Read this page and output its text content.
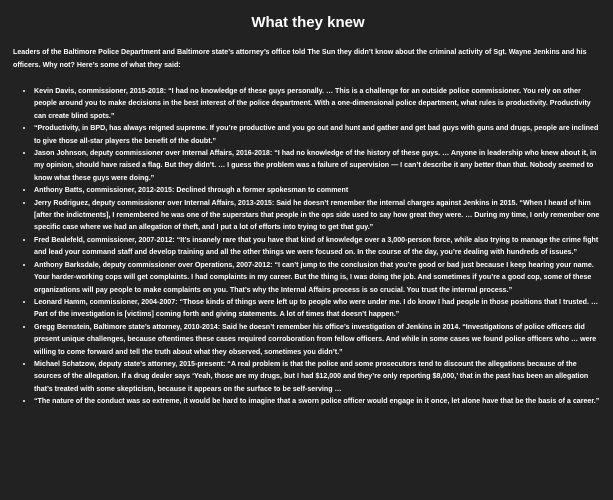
What they knew

Leaders of the Baltimore Police Department and Baltimore state’s attorney’s office told The Sun they didn’t know about the criminal activity of Sgt. Wayne Jenkins and his officers. Why not? Here’s some of what they said:

• Kevin Davis, commissioner, 2015-2018: “I had no knowledge of these guys personally. … This is a challenge for an outside police commissioner. You rely on other people around you to make decisions in the best interest of the police department. With a one-dimensional police department, what rules is productivity. Productivity can create blind spots.”
• “Productivity, in BPD, has always reigned supreme. If you’re productive and you go out and hunt and gather and get bad guys with guns and drugs, people are inclined to give those all-star players the benefit of the doubt.”
• Jason Johnson, deputy commissioner over Internal Affairs, 2016-2018: “I had no knowledge of the history of these guys. … Anyone in leadership who knew about it, in my opinion, should have raised a flag. But they didn’t. … I guess the problem was a failure of supervision — I can’t describe it any better than that. Nobody seemed to know what these guys were doing.”
• Anthony Batts, commissioner, 2012-2015: Declined through a former spokesman to comment
• Jerry Rodriguez, deputy commissioner over Internal Affairs, 2013-2015: Said he doesn’t remember the internal charges against Jenkins in 2015. “When I heard of him [after the indictments], I remembered he was one of the superstars that people in the ops side used to say how great they were. … During my time, I only remember one specific case where we had an allegation of theft, and I put a lot of efforts into trying to get that guy.”
• Fred Bealefeld, commissioner, 2007-2012: “It’s insanely rare that you have that kind of knowledge over a 3,000-person force, while also trying to manage the crime fight and lead your command staff and develop training and all the other things we were focused on. In the course of the day, you’re dealing with hundreds of issues.”
• Anthony Barksdale, deputy commissioner over Operations, 2007-2012: “I can’t jump to the conclusion that you’re good or bad just because I keep hearing your name. Your harder-working cops will get complaints. I had complaints in my career. But the thing is, I was doing the job. And sometimes if you’re a good cop, some of these organizations will pay people to make complaints on you. That’s why the Internal Affairs process is so crucial. You trust the internal process.”
• Leonard Hamm, commissioner, 2004-2007: “Those kinds of things were left up to people who were under me. I do know I had people in those positions that I trusted. … Part of the investigation is [victims] coming forth and giving statements. A lot of times that doesn’t happen.”
• Gregg Bernstein, Baltimore state’s attorney, 2010-2014: Said he doesn’t remember his office’s investigation of Jenkins in 2014. “Investigations of police officers did present unique challenges, because oftentimes these cases required corroboration from fellow officers. And while in some cases we found police officers who … were willing to come forward and tell the truth about what they observed, sometimes you didn’t.”
• Michael Schatzow, deputy state’s attorney, 2015-present: “A real problem is that the police and some prosecutors tend to discount the allegations because of the sources of the allegation. If a drug dealer says ‘Yeah, those are my drugs, but I had $12,000 and they’re only reporting $8,000,’ that in the past has been an allegation that’s treated with some skepticism, because it appears on the surface to be self-serving …
• “The nature of the conduct was so extreme, it would be hard to imagine that a sworn police officer would engage in it once, let alone have that be the basis of a career.”
